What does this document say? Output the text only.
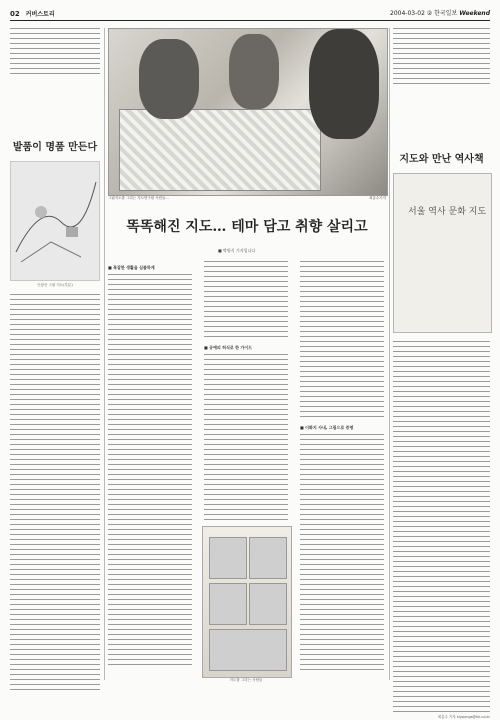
02 커버스토리	2004-03-02 ② 한국일보 Weekend
발품이 명품 만든다
인왕산 그림 지도(부분)
그림지도를 그리는 지도연구원 사람들...	최흥수기자
똑똑해진 지도… 테마 담고 취향 살리고
■ 박원식 기자입니다
■ 복잡한 생활을 심플하게
■ 공예의 허식로 한 가이드
■ 이화지 사내, 그림으로 증명
지도를 그리는 사람들
지도와 만난 역사책
서울 역사 문화 지도
최흥수 기자 kiyoungs@hk.co.kr
